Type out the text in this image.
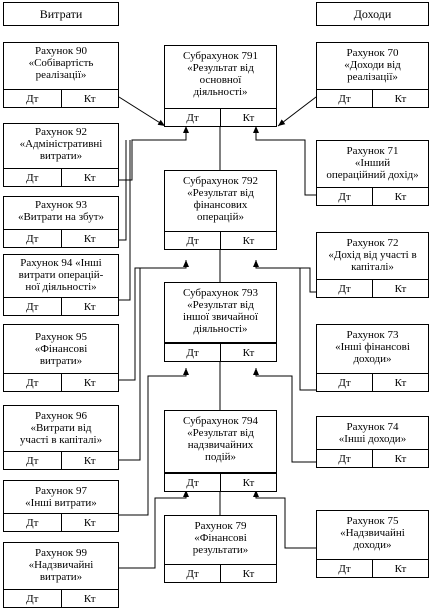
Витрати	Доходи
Рахунок 90
«Собівартість
реалізації»
Дт	Кт
Рахунок 92
«Адміністративні
витрати»
Дт	Кт
Рахунок 93
«Витрати на збут»
Дт	Кт
Рахунок 94 «Інші
витрати операцій-
ної діяльності»
Дт	Кт
Рахунок 95
«Фінансові
витрати»
Дт	Кт
Рахунок 96
«Витрати від
участі в капіталі»
Дт	Кт
Рахунок 97
«Інші витрати»
Дт	Кт
Рахунок 99
«Надзвичайні
витрати»
Дт	Кт
Субрахунок 791
«Результат від
основної
діяльності»
Дт	Кт
Субрахунок 792
«Результат від
фінансових
операцій»
Дт	Кт
Субрахунок 793
«Результат від
іншої звичайної
діяльності»
Дт	Кт
Субрахунок 794
«Результат від
надзвичайних
подій»
Дт	Кт
Рахунок 79
«Фінансові
результати»
Дт	Кт
Рахунок 70
«Доходи від
реалізації»
Дт	Кт
Рахунок 71
«Інший
операційний дохід»
Дт	Кт
Рахунок 72
«Дохід від участі в
капіталі»
Дт	Кт
Рахунок 73
«Інші фінансові
доходи»
Дт	Кт
Рахунок 74
«Інші доходи»
Дт	Кт
Рахунок 75
«Надзвичайні
доходи»
Дт	Кт
